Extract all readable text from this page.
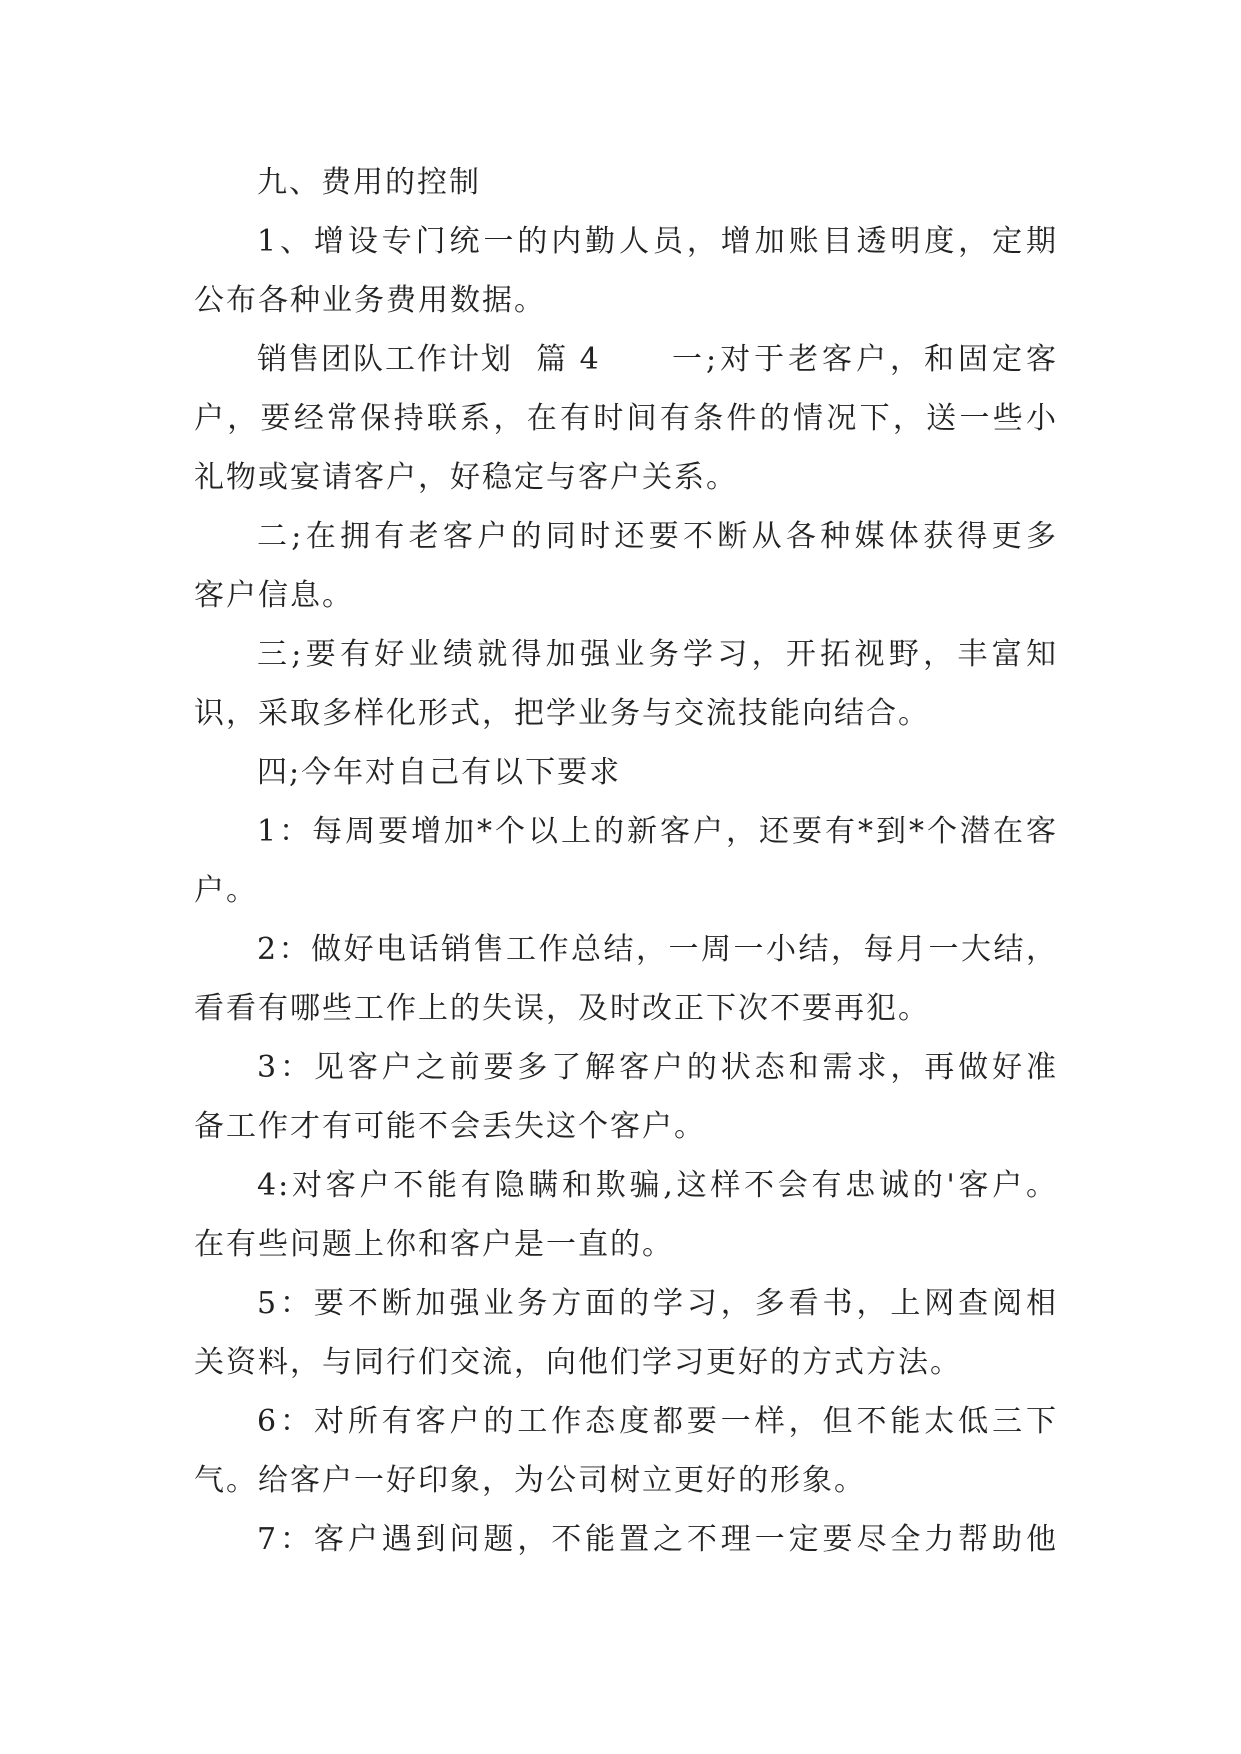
九、费用的控制
1、增设专门统一的内勤人员，增加账目透明度，定期
公布各种业务费用数据。
销售团队工作计划  篇 4 一;对于老客户，和固定客
户，要经常保持联系，在有时间有条件的情况下，送一些小
礼物或宴请客户，好稳定与客户关系。
二;在拥有老客户的同时还要不断从各种媒体获得更多
客户信息。
三;要有好业绩就得加强业务学习，开拓视野，丰富知
识，采取多样化形式，把学业务与交流技能向结合。
四;今年对自己有以下要求
1：每周要增加*个以上的新客户，还要有*到*个潜在客
户。
2：做好电话销售工作总结，一周一小结，每月一大结，
看看有哪些工作上的失误，及时改正下次不要再犯。
3：见客户之前要多了解客户的状态和需求，再做好准
备工作才有可能不会丢失这个客户。
4:对客户不能有隐瞒和欺骗,这样不会有忠诚的'客户。
在有些问题上你和客户是一直的。
5：要不断加强业务方面的学习，多看书，上网查阅相
关资料，与同行们交流，向他们学习更好的方式方法。
6：对所有客户的工作态度都要一样，但不能太低三下
气。给客户一好印象，为公司树立更好的形象。
7：客户遇到问题，不能置之不理一定要尽全力帮助他
